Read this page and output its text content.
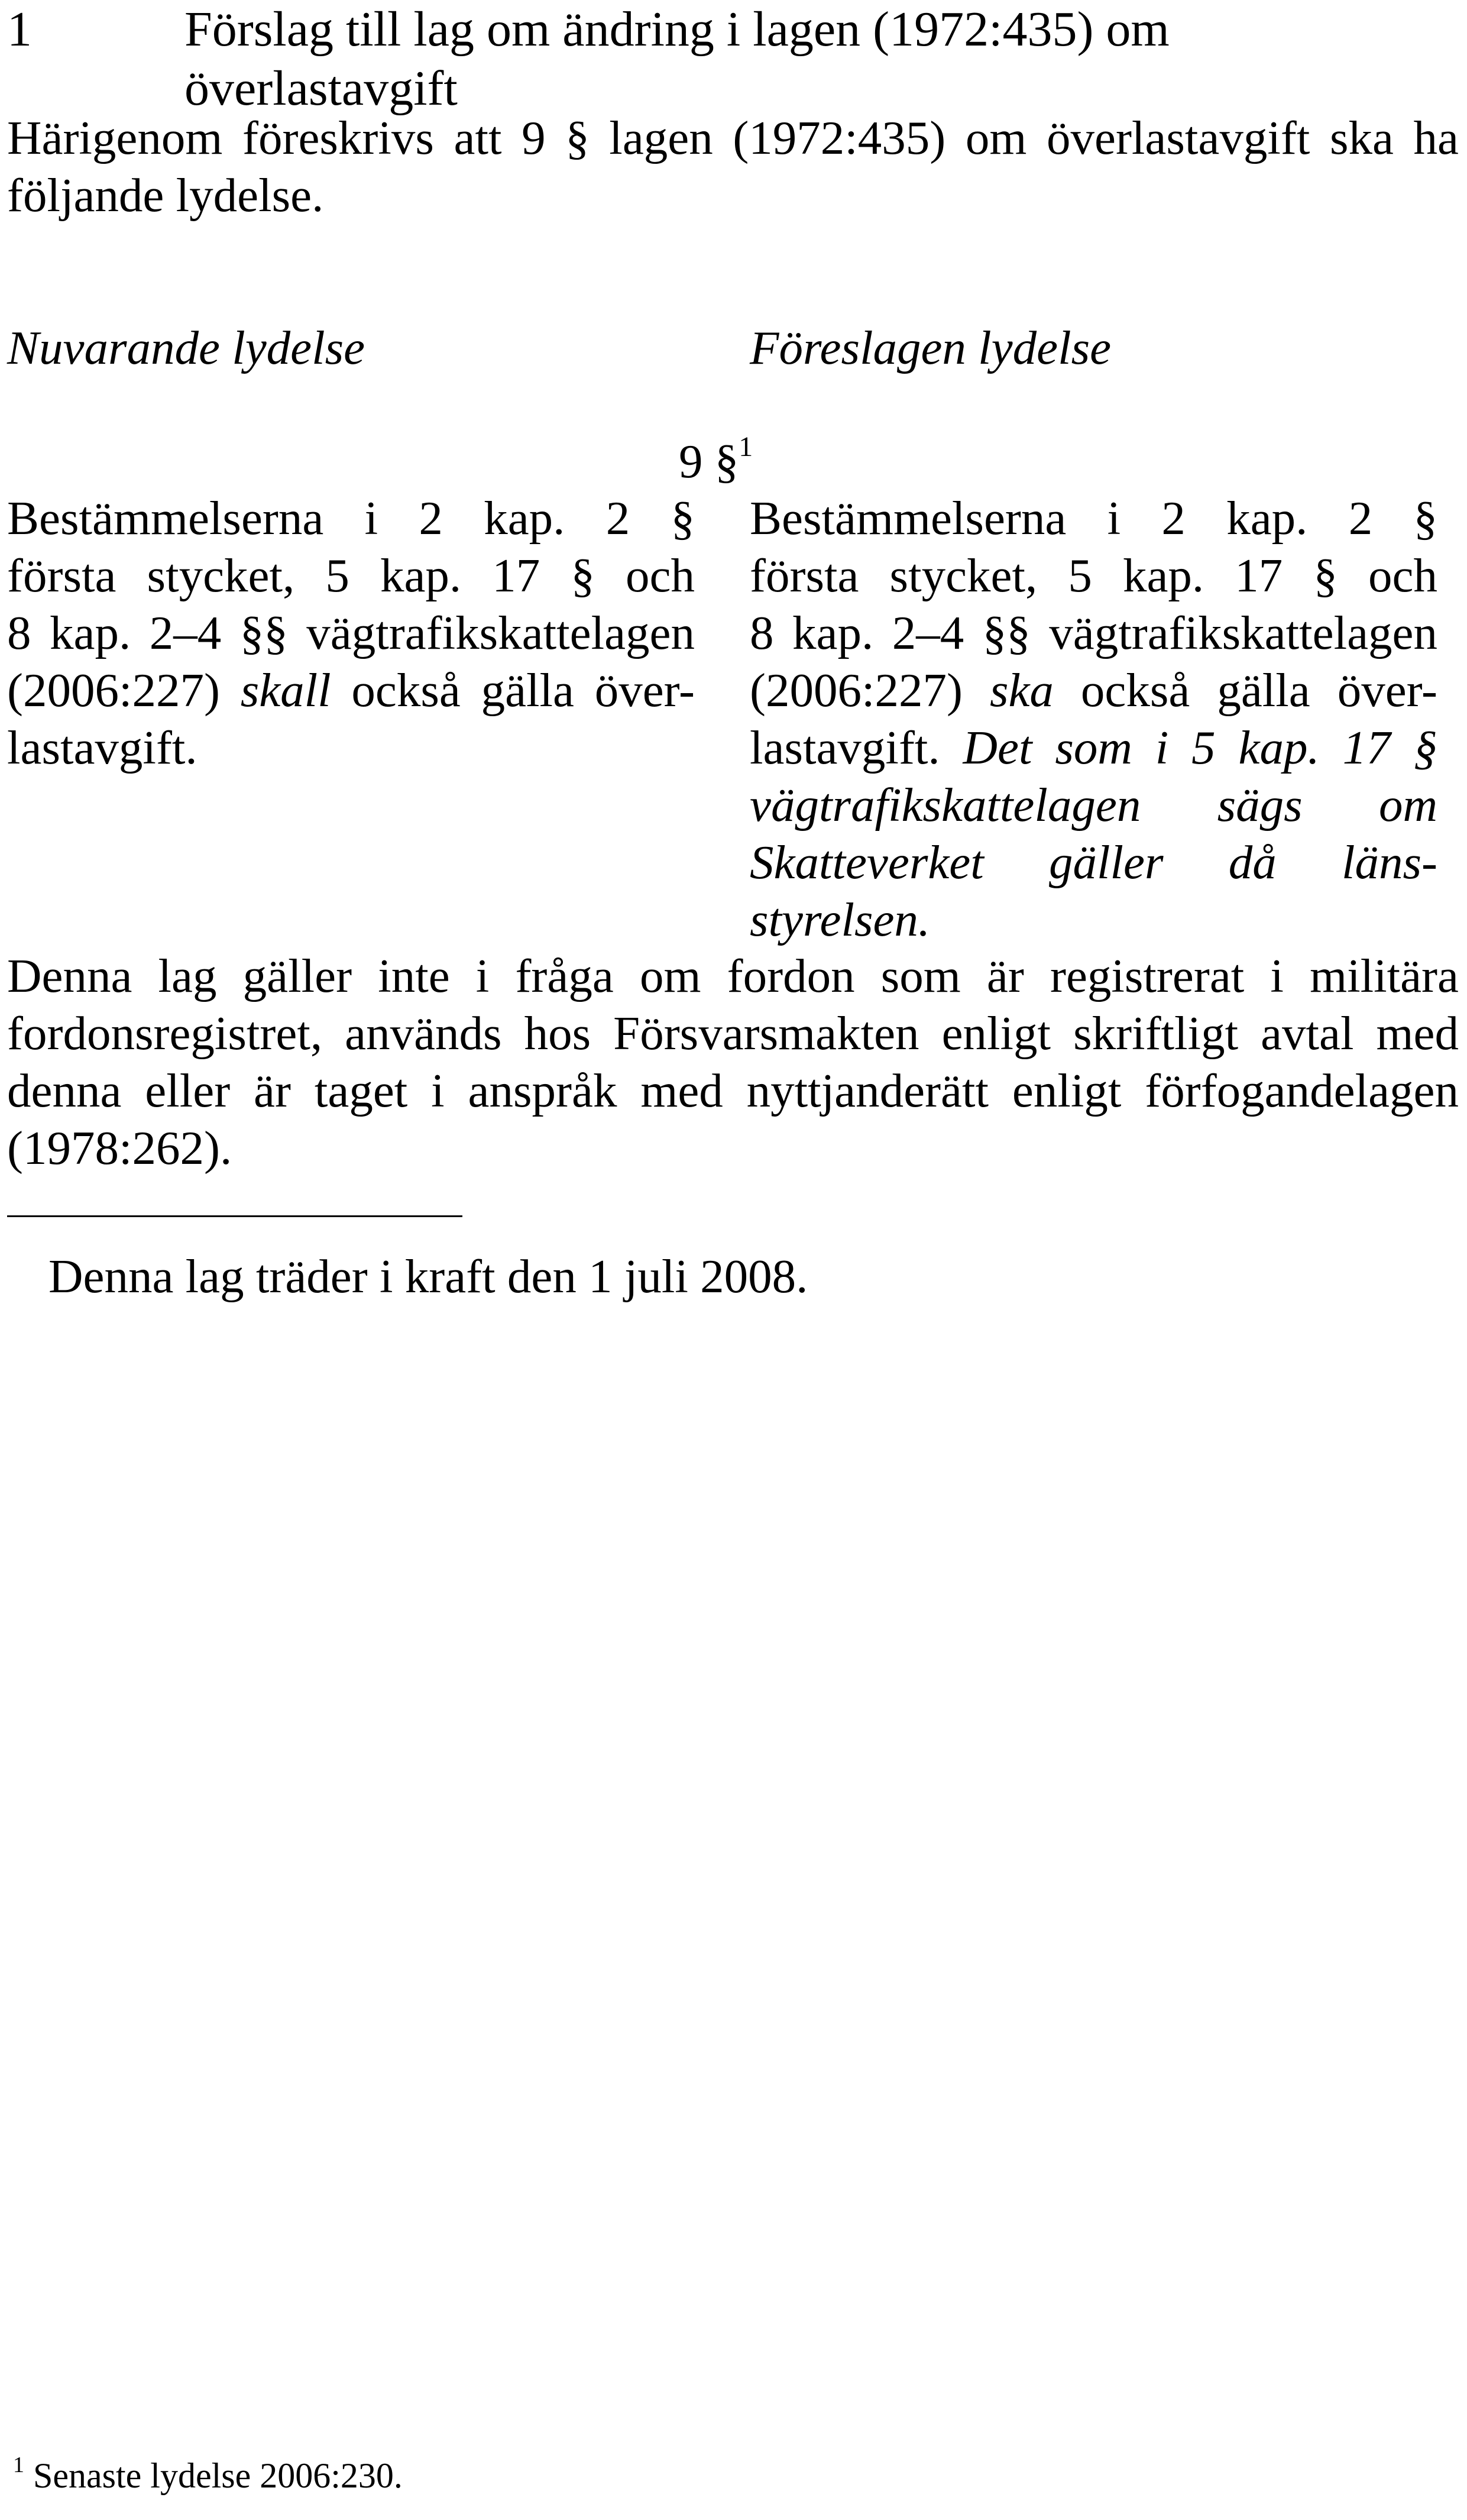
1	Förslag till lag om ändring i lagen (1972:435) om
överlastavgift
Härigenom föreskrivs att 9 § lagen (1972:435) om överlastavgift ska ha följande lydelse.
Nuvarande lydelse	Föreslagen lydelse
9 §$^1$
Bestämmelserna i 2 kap. 2 §
första stycket, 5 kap. 17 § och
8 kap. 2–4 §§ vägtrafikskattelagen
(2006:227) skall också gälla över-
lastavgift.
Bestämmelserna i 2 kap. 2 §
första stycket, 5 kap. 17 § och
8 kap. 2–4 §§ vägtrafikskattelagen
(2006:227) ska också gälla över-
lastavgift. Det som i 5 kap. 17 §
vägtrafikskattelagen sägs om
Skatteverket gäller då läns-
styrelsen.
Denna lag gäller inte i fråga om fordon som är registrerat i militära
fordonsregistret, används hos Försvarsmakten enligt skriftligt avtal med
denna eller är taget i anspråk med nyttjanderätt enligt förfogandelagen
(1978:262).
Denna lag träder i kraft den 1 juli 2008.
$^1$ Senaste lydelse 2006:230.
